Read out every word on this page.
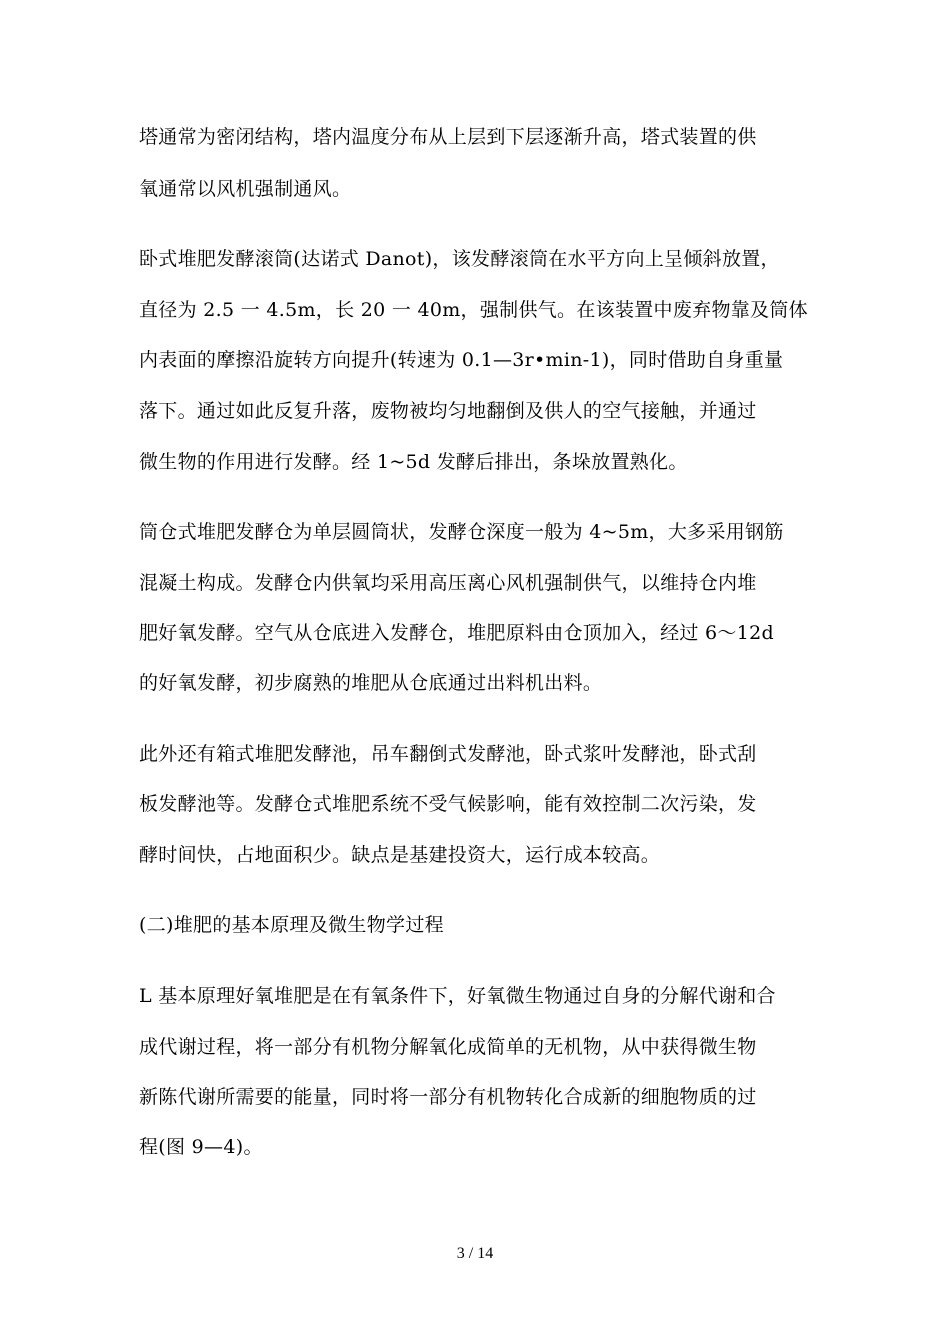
塔通常为密闭结构，塔内温度分布从上层到下层逐渐升高，塔式装置的供
氧通常以风机强制通风。
卧式堆肥发酵滚筒(达诺式 Danot)，该发酵滚筒在水平方向上呈倾斜放置，
直径为 2.5 一 4.5m，长 20 一 40m，强制供气。在该装置中废弃物靠及筒体
内表面的摩擦沿旋转方向提升(转速为 0.1—3r•min-1)，同时借助自身重量
落下。通过如此反复升落，废物被均匀地翻倒及供人的空气接触，并通过
微生物的作用进行发酵。经 1~5d 发酵后排出，条垛放置熟化。
筒仓式堆肥发酵仓为单层圆筒状，发酵仓深度一般为 4~5m，大多采用钢筋
混凝土构成。发酵仓内供氧均采用高压离心风机强制供气，以维持仓内堆
肥好氧发酵。空气从仓底进入发酵仓，堆肥原料由仓顶加入，经过 6～12d
的好氧发酵，初步腐熟的堆肥从仓底通过出料机出料。
此外还有箱式堆肥发酵池，吊车翻倒式发酵池，卧式浆叶发酵池，卧式刮
板发酵池等。发酵仓式堆肥系统不受气候影响，能有效控制二次污染，发
酵时间快，占地面积少。缺点是基建投资大，运行成本较高。
(二)堆肥的基本原理及微生物学过程
L 基本原理好氧堆肥是在有氧条件下，好氧微生物通过自身的分解代谢和合
成代谢过程，将一部分有机物分解氧化成简单的无机物，从中获得微生物
新陈代谢所需要的能量，同时将一部分有机物转化合成新的细胞物质的过
程(图 9—4)。
3 / 14
